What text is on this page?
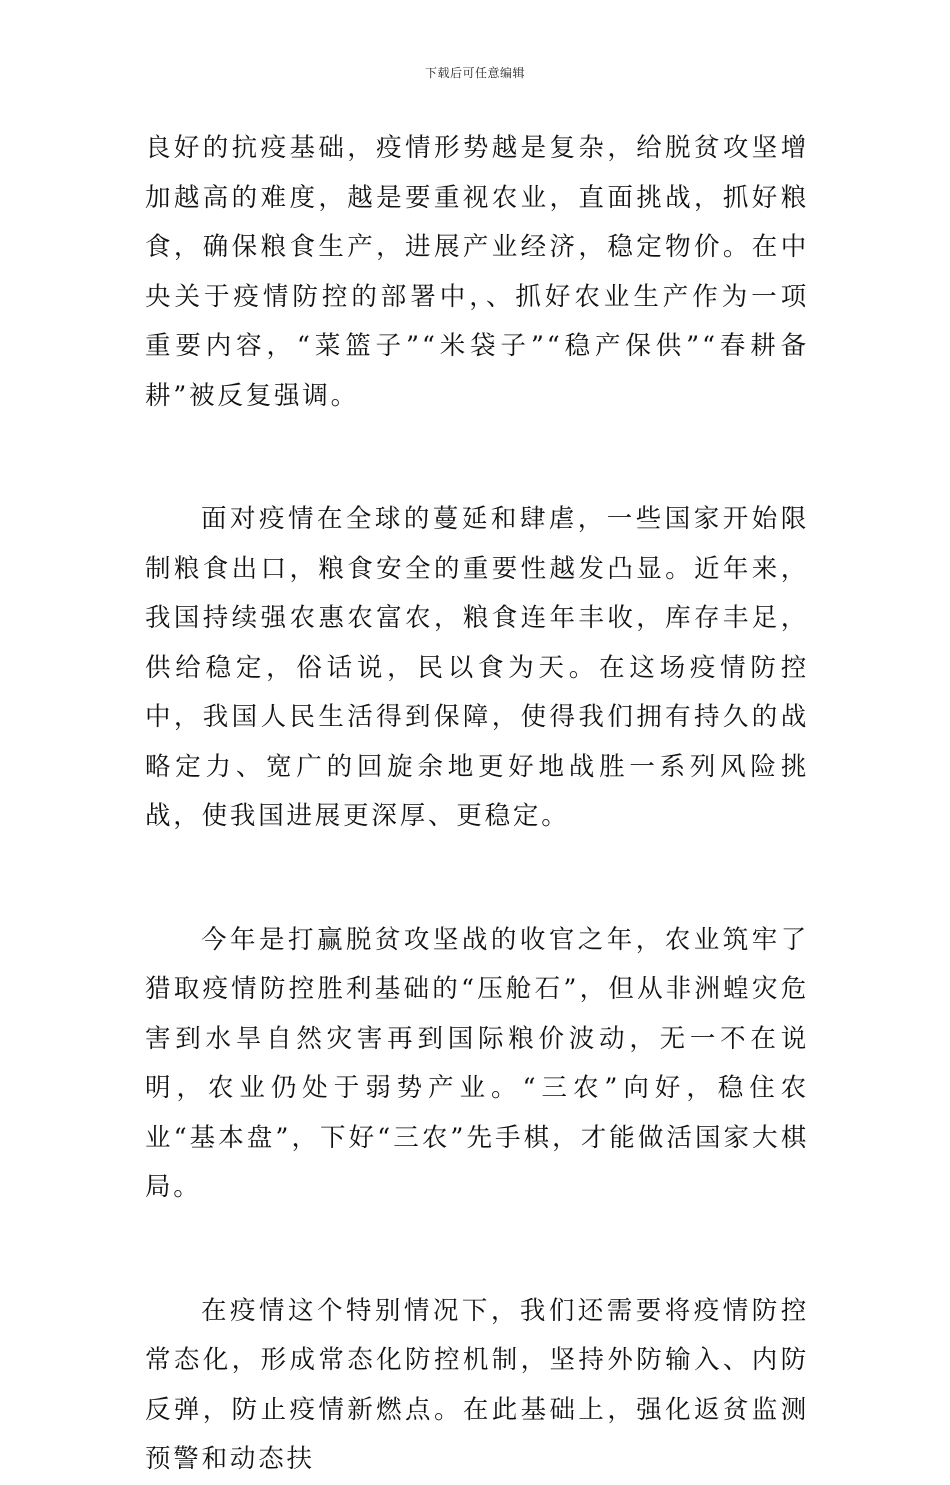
下载后可任意编辑

良好的抗疫基础，疫情形势越是复杂，给脱贫攻坚增加越高的难度，越是要重视农业，直面挑战，抓好粮食，确保粮食生产，进展产业经济，稳定物价。在中央关于疫情防控的部署中，、抓好农业生产作为一项重要内容，“菜篮子”“米袋子”“稳产保供”“春耕备耕”被反复强调。

面对疫情在全球的蔓延和肆虐，一些国家开始限制粮食出口，粮食安全的重要性越发凸显。近年来，我国持续强农惠农富农，粮食连年丰收，库存丰足，供给稳定，俗话说，民以食为天。在这场疫情防控中，我国人民生活得到保障，使得我们拥有持久的战略定力、宽广的回旋余地更好地战胜一系列风险挑战，使我国进展更深厚、更稳定。

今年是打赢脱贫攻坚战的收官之年，农业筑牢了猎取疫情防控胜利基础的“压舱石”，但从非洲蝗灾危害到水旱自然灾害再到国际粮价波动，无一不在说明，农业仍处于弱势产业。“三农”向好，稳住农业“基本盘”，下好“三农”先手棋，才能做活国家大棋局。

在疫情这个特别情况下，我们还需要将疫情防控常态化，形成常态化防控机制，坚持外防输入、内防反弹，防止疫情新燃点。在此基础上，强化返贫监测预警和动态扶
